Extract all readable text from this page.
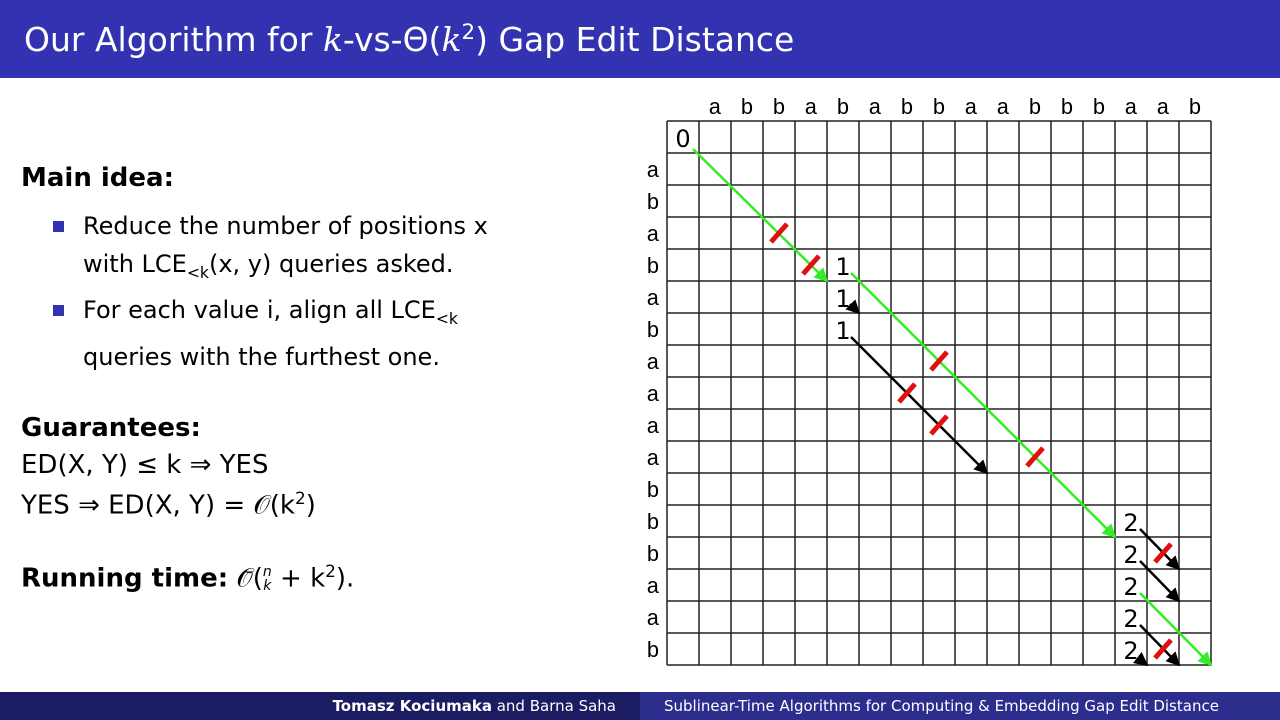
Our Algorithm for $k-vs-\Theta(k^2)$ Gap Edit Distance
Main idea:
Reduce the number of positions x
with $LCE_{<k}(x$, y) queries asked.
For each value i, align all $LCE_{<k}$
queries with the furthest one.
Guarantees:
ED(X, Y) ≤ k ⇒ YES
YES ⇒ ED(X, $Y) = 𝒪(k^2)$
Running time: 𝒪̃( n
$k + k^2$).
a b b a b a b b a a b b b a a b
a
b
a
b
a
b
a
a
a
a
b
b
b
a
a
b
0
1
1
1
2
2
2
2
2
Tomasz Kociumaka and Barna Saha	Sublinear-Time Algorithms for Computing & Embedding Gap Edit Distance
